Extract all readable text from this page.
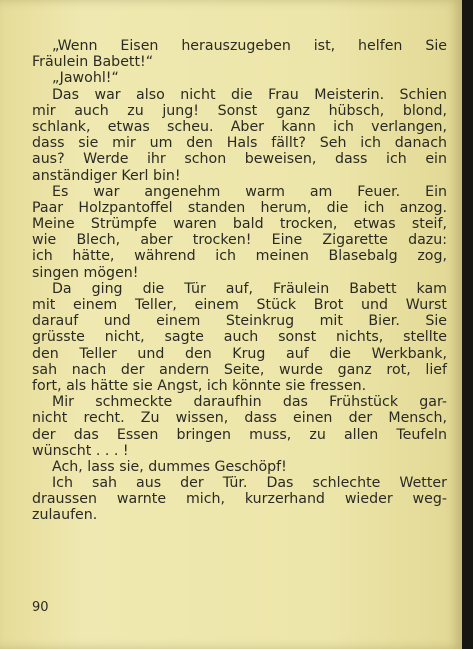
„Wenn Eisen herauszugeben ist, helfen Sie
Fräulein Babett!“
„Jawohl!“
Das war also nicht die Frau Meisterin. Schien
mir auch zu jung! Sonst ganz hübsch, blond,
schlank, etwas scheu. Aber kann ich verlangen,
dass sie mir um den Hals fällt? Seh ich danach
aus? Werde ihr schon beweisen, dass ich ein
anständiger Kerl bin!
Es war angenehm warm am Feuer. Ein
Paar Holzpantoffel standen herum, die ich anzog.
Meine Strümpfe waren bald trocken, etwas steif,
wie Blech, aber trocken! Eine Zigarette dazu:
ich hätte, während ich meinen Blasebalg zog,
singen mögen!
Da ging die Tür auf, Fräulein Babett kam
mit einem Teller, einem Stück Brot und Wurst
darauf und einem Steinkrug mit Bier. Sie
grüsste nicht, sagte auch sonst nichts, stellte
den Teller und den Krug auf die Werkbank,
sah nach der andern Seite, wurde ganz rot, lief
fort, als hätte sie Angst, ich könnte sie fressen.
Mir schmeckte daraufhin das Frühstück gar-
nicht recht. Zu wissen, dass einen der Mensch,
der das Essen bringen muss, zu allen Teufeln
wünscht . . . !
Ach, lass sie, dummes Geschöpf!
Ich sah aus der Tür. Das schlechte Wetter
draussen warnte mich, kurzerhand wieder weg-
zulaufen.
90
